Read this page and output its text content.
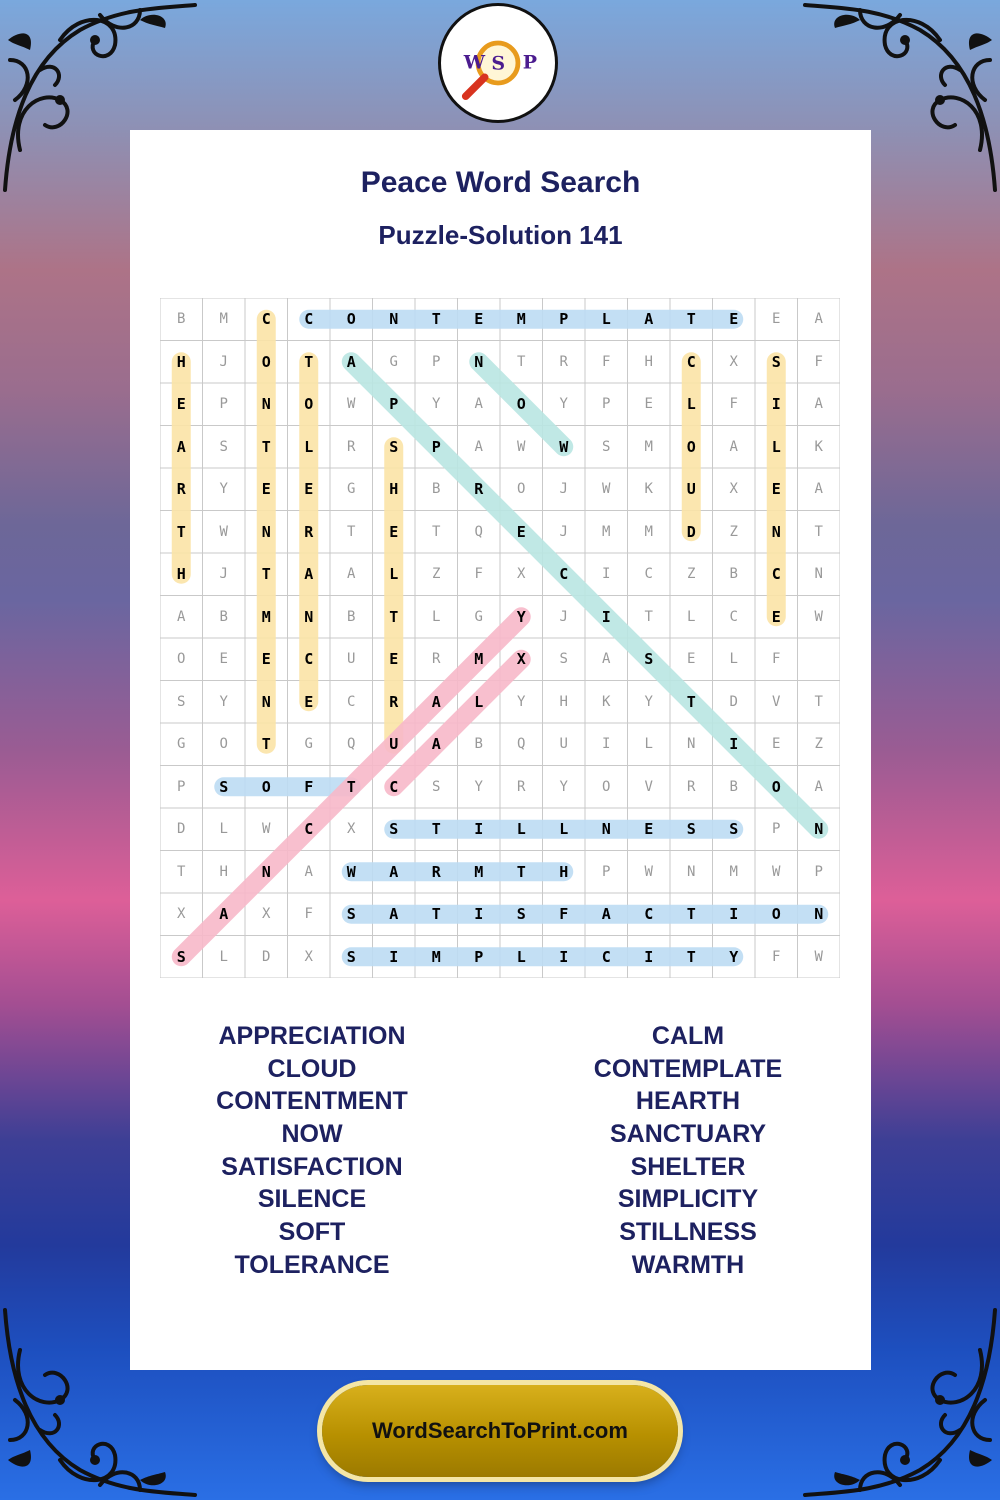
W S P
Peace Word Search
Puzzle-Solution 141
B	M	C	C	O	N	T	E	M	P	L	A	T	E	E	A
H	J	O	T	A	G	P	N	T	R	F	H	C	X	S	F
E	P	N	O	W	P	Y	A	O	Y	P	E	L	F	I	A
A	S	T	L	R	S	P	A	W	W	S	M	O	A	L	K
R	Y	E	E	G	H	B	R	O	J	W	K	U	X	E	A
T	W	N	R	T	E	T	Q	E	J	M	M	D	Z	N	T
H	J	T	A	A	L	Z	F	X	C	I	C	Z	B	C	N
A	B	M	N	B	T	L	G	Y	J	I	T	L	C	E	W
O	E	E	C	U	E	R	M	X	S	A	S	E	L	F
S	Y	N	E	C	R	A	L	Y	H	K	Y	T	D	V	T
G	O	T	G	Q	U	A	B	Q	U	I	L	N	I	E	Z
P	S	O	F	T	C	S	Y	R	Y	O	V	R	B	O	A
D	L	W	C	X	S	T	I	L	L	N	E	S	S	P	N
T	H	N	A	W	A	R	M	T	H	P	W	N	M	W	P
X	A	X	F	S	A	T	I	S	F	A	C	T	I	O	N
S	L	D	X	S	I	M	P	L	I	C	I	T	Y	F	W
APPRECIATION
CLOUD
CONTENTMENT
NOW
SATISFACTION
SILENCE
SOFT
TOLERANCE
CALM
CONTEMPLATE
HEARTH
SANCTUARY
SHELTER
SIMPLICITY
STILLNESS
WARMTH
WordSearchToPrint.com
